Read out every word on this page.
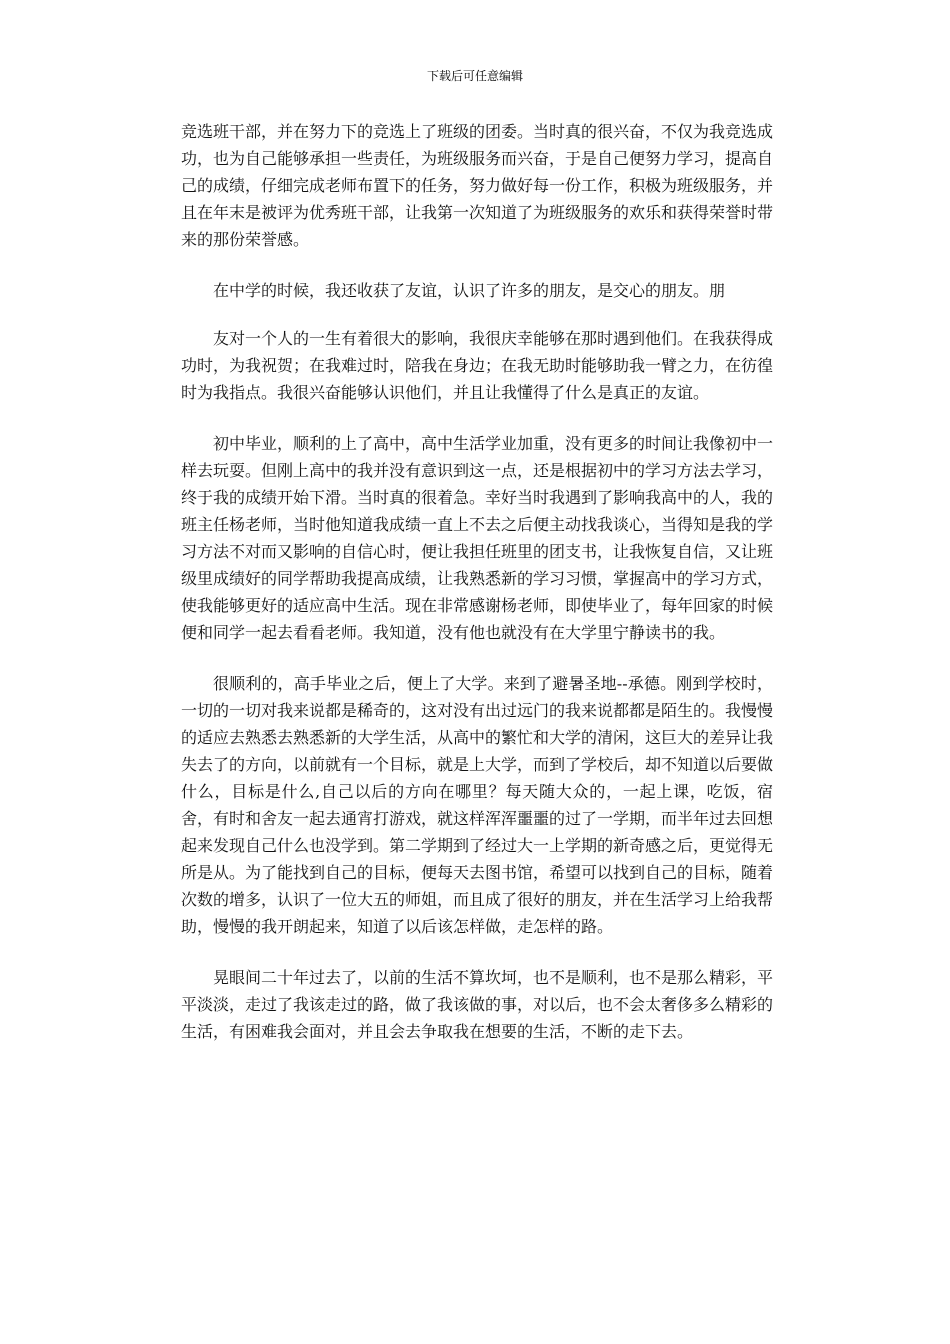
下载后可任意编辑

竞选班干部，并在努力下的竞选上了班级的团委。当时真的很兴奋，不仅为我竞选成功，也为自己能够承担一些责任，为班级服务而兴奋，于是自己便努力学习，提高自己的成绩，仔细完成老师布置下的任务，努力做好每一份工作，积极为班级服务，并且在年末是被评为优秀班干部，让我第一次知道了为班级服务的欢乐和获得荣誉时带来的那份荣誉感。

在中学的时候，我还收获了友谊，认识了许多的朋友，是交心的朋友。朋

友对一个人的一生有着很大的影响，我很庆幸能够在那时遇到他们。在我获得成功时，为我祝贺；在我难过时，陪我在身边；在我无助时能够助我一臂之力，在彷徨时为我指点。我很兴奋能够认识他们，并且让我懂得了什么是真正的友谊。

初中毕业，顺利的上了高中，高中生活学业加重，没有更多的时间让我像初中一样去玩耍。但刚上高中的我并没有意识到这一点，还是根据初中的学习方法去学习，终于我的成绩开始下滑。当时真的很着急。幸好当时我遇到了影响我高中的人，我的班主任杨老师，当时他知道我成绩一直上不去之后便主动找我谈心，当得知是我的学习方法不对而又影响的自信心时，便让我担任班里的团支书，让我恢复自信，又让班级里成绩好的同学帮助我提高成绩，让我熟悉新的学习习惯，掌握高中的学习方式，使我能够更好的适应高中生活。现在非常感谢杨老师，即使毕业了，每年回家的时候便和同学一起去看看老师。我知道，没有他也就没有在大学里宁静读书的我。

很顺利的，高手毕业之后，便上了大学。来到了避暑圣地--承德。刚到学校时，一切的一切对我来说都是稀奇的，这对没有出过远门的我来说都都是陌生的。我慢慢的适应去熟悉去熟悉新的大学生活，从高中的繁忙和大学的清闲，这巨大的差异让我失去了的方向，以前就有一个目标，就是上大学，而到了学校后，却不知道以后要做什么，目标是什么,自己以后的方向在哪里？每天随大众的，一起上课，吃饭，宿舍，有时和舍友一起去通宵打游戏，就这样浑浑噩噩的过了一学期，而半年过去回想起来发现自己什么也没学到。第二学期到了经过大一上学期的新奇感之后，更觉得无所是从。为了能找到自己的目标，便每天去图书馆，希望可以找到自己的目标，随着次数的增多，认识了一位大五的师姐，而且成了很好的朋友，并在生活学习上给我帮助，慢慢的我开朗起来，知道了以后该怎样做，走怎样的路。

晃眼间二十年过去了，以前的生活不算坎坷，也不是顺利，也不是那么精彩，平平淡淡，走过了我该走过的路，做了我该做的事，对以后，也不会太奢侈多么精彩的生活，有困难我会面对，并且会去争取我在想要的生活，不断的走下去。
